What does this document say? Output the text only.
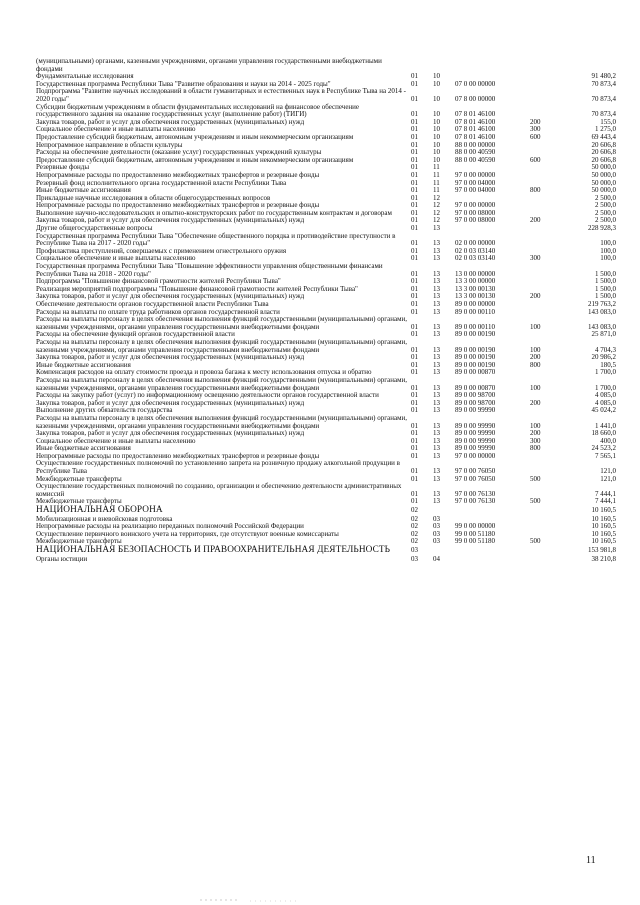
(муниципальными) органами, казенными учреждениями, органами управления государственными внебюджетными фондами
Фундаментальные исследования	01 10	91 480,2
Государственная программа Республики Тыва "Развитие образования и науки на 2014 - 2025 годы"	01 10 07 0 00 00000	70 873,4
Подпрограмма "Развитие научных исследований в области гуманитарных и естественных наук в Республике Тыва на 2014 - 2020 годы"	01 10 07 8 00 00000	70 873,4
Субсидии бюджетным учреждениям в области фундаментальных исследований на финансовое обеспечение государственного задания на оказание государственных услуг (выполнение работ) (ТИГИ)	01 10 07 8 01 46100	70 873,4
Закупка товаров, работ и услуг для обеспечения государственных (муниципальных) нужд	01 10 07 8 01 46100	200	155,0
Социальное обеспечение и иные выплаты населению	01 10 07 8 01 46100	300	1 275,0
Предоставление субсидий бюджетным, автономным учреждениям и иным некоммерческим организациям	01 10 07 8 01 46100	600	69 443,4
Непрограммное направление в области культуры	01 10 88 0 00 00000	20 606,8
Расходы на обеспечение деятельности (оказание услуг) государственных учреждений культуры	01 10 88 0 00 40590	20 606,8
Предоставление субсидий бюджетным, автономным учреждениям и иным некоммерческим организациям	01 10 88 0 00 40590	600	20 606,8
Резервные фонды	01 11	50 000,0
Непрограммные расходы по предоставлению межбюджетных трансфертов и резервные фонды	01 11 97 0 00 00000	50 000,0
Резервный фонд исполнительного органа государственной власти Республики Тыва	01 11 97 0 00 04000	50 000,0
Иные бюджетные ассигнования	01 11 97 0 00 04000	800	50 000,0
Прикладные научные исследования в области общегосударственных вопросов	01 12	2 500,0
Непрограммные расходы по предоставлению межбюджетных трансфертов и резервные фонды	01 12 97 0 00 00000	2 500,0
Выполнение научно-исследовательских и опытно-конструкторских работ по государственным контрактам и договорам	01 12 97 0 00 08000	2 500,0
Закупка товаров, работ и услуг для обеспечения государственных (муниципальных) нужд	01 12 97 0 00 08000	200	2 500,0
Другие общегосударственные вопросы	01 13	228 928,3
Государственная программа Республики Тыва "Обеспечение общественного порядка и противодействие преступности в Республике Тыва на 2017 - 2020 годы"	01 13 02 0 00 00000	100,0
Профилактика преступлений, совершаемых с применением огнестрельного оружия	01 13 02 0 03 03140	100,0
Социальное обеспечение и иные выплаты населению	01 13 02 0 03 03140	300	100,0
Государственная программа Республики Тыва "Повышение эффективности управления общественными финансами Республики Тыва на 2018 - 2020 годы"	01 13 13 0 00 00000	1 500,0
Подпрограмма "Повышение финансовой грамотности жителей Республики Тыва"	01 13 13 3 00 00000	1 500,0
Реализация мероприятий подпрограммы "Повышение финансовой грамотности жителей Республики Тыва"	01 13 13 3 00 00130	1 500,0
Закупка товаров, работ и услуг для обеспечения государственных (муниципальных) нужд	01 13 13 3 00 00130	200	1 500,0
Обеспечение деятельности органов государственной власти Республики Тыва	01 13 89 0 00 00000	219 763,2
Расходы на выплаты по оплате труда работников органов государственной власти	01 13 89 0 00 00110	143 083,0
Расходы на выплаты персоналу в целях обеспечения выполнения функций государственными (муниципальными) органами, казенными учреждениями, органами управления государственными внебюджетными фондами	01 13 89 0 00 00110	100	143 083,0
Расходы на обеспечение функций органов государственной власти	01 13 89 0 00 00190	25 871,0
Расходы на выплаты персоналу в целях обеспечения выполнения функций государственными (муниципальными) органами, казенными учреждениями, органами управления государственными внебюджетными фондами	01 13 89 0 00 00190	100	4 704,3
Закупка товаров, работ и услуг для обеспечения государственных (муниципальных) нужд	01 13 89 0 00 00190	200	20 986,2
Иные бюджетные ассигнования	01 13 89 0 00 00190	800	180,5
Компенсация расходов на оплату стоимости проезда и провоза багажа к месту использования отпуска и обратно	01 13 89 0 00 00870	1 700,0
Расходы на выплаты персоналу в целях обеспечения выполнения функций государственными (муниципальными) органами, казенными учреждениями, органами управления государственными внебюджетными фондами	01 13 89 0 00 00870	100	1 700,0
Расходы на закупку работ (услуг) по информационному освещению деятельности органов государственной власти	01 13 89 0 00 98700	4 085,0
Закупка товаров, работ и услуг для обеспечения государственных (муниципальных) нужд	01 13 89 0 00 98700	200	4 085,0
Выполнение других обязательств государства	01 13 89 0 00 99990	45 024,2
Расходы на выплаты персоналу в целях обеспечения выполнения функций государственными (муниципальными) органами, казенными учреждениями, органами управления государственными внебюджетными фондами	01 13 89 0 00 99990	100	1 441,0
Закупка товаров, работ и услуг для обеспечения государственных (муниципальных) нужд	01 13 89 0 00 99990	200	18 660,0
Социальное обеспечение и иные выплаты населению	01 13 89 0 00 99990	300	400,0
Иные бюджетные ассигнования	01 13 89 0 00 99990	800	24 523,2
Непрограммные расходы по предоставлению межбюджетных трансфертов и резервные фонды	01 13 97 0 00 00000	7 565,1
Осуществление государственных полномочий по установлению запрета на розничную продажу алкогольной продукции в Республике Тыва	01 13 97 0 00 76050	121,0
Межбюджетные трансферты	01 13 97 0 00 76050	500	121,0
Осуществление государственных полномочий по созданию, организации и обеспечению деятельности административных комиссий	01 13 97 0 00 76130	7 444,1
Межбюджетные трансферты	01 13 97 0 00 76130	500	7 444,1
НАЦИОНАЛЬНАЯ ОБОРОНА	02	10 160,5
Мобилизационная и вневойсковая подготовка	02 03	10 160,5
Непрограммные расходы на реализацию переданных полномочий Российской Федерации	02 03 99 0 00 00000	10 160,5
Осуществление первичного воинского учета на территориях, где отсутствуют военные комиссариаты	02 03 99 0 00 51180	10 160,5
Межбюджетные трансферты	02 03 99 0 00 51180	500	10 160,5
НАЦИОНАЛЬНАЯ БЕЗОПАСНОСТЬ И ПРАВООХРАНИТЕЛЬНАЯ ДЕЯТЕЛЬНОСТЬ	03	153 981,8
Органы юстиции	03 04	38 210,8
11
